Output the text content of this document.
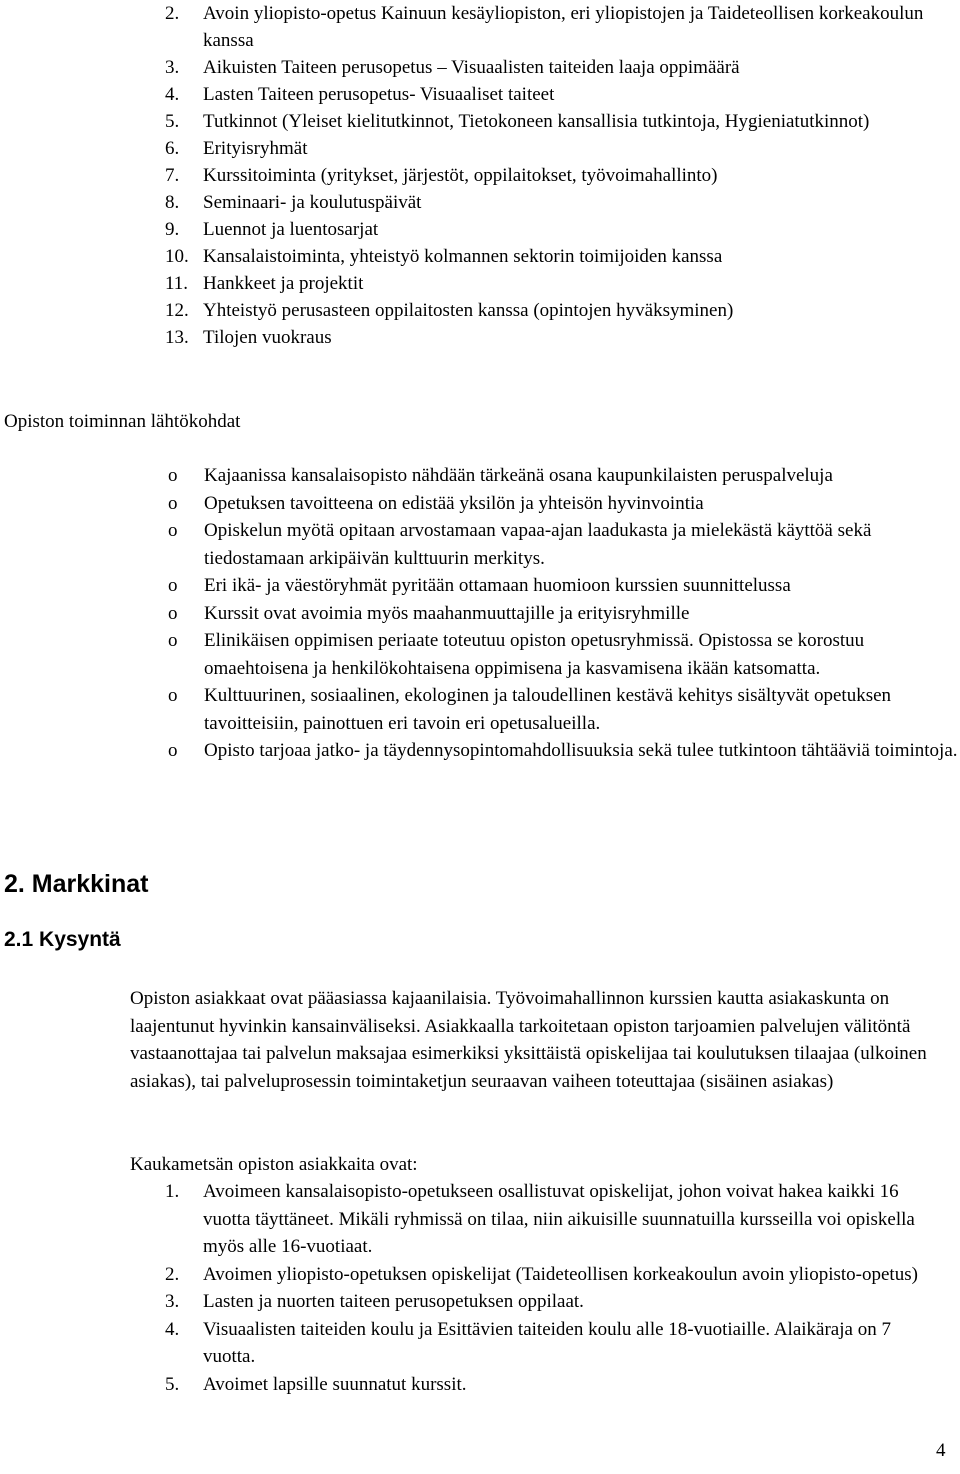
2.	Avoin yliopisto-opetus Kainuun kesäyliopiston, eri yliopistojen ja Taideteollisen korkeakoulun kanssa
3.	Aikuisten Taiteen perusopetus – Visuaalisten taiteiden laaja oppimäärä
4.	Lasten Taiteen perusopetus- Visuaaliset taiteet
5.	Tutkinnot (Yleiset kielitutkinnot, Tietokoneen kansallisia tutkintoja, Hygieniatutkinnot)
6.	Erityisryhmät
7.	Kurssitoiminta (yritykset, järjestöt, oppilaitokset, työvoimahallinto)
8.	Seminaari- ja koulutuspäivät
9.	Luennot ja luentosarjat
10. Kansalaistoiminta, yhteistyö kolmannen sektorin toimijoiden kanssa
11. Hankkeet ja projektit
12. Yhteistyö perusasteen oppilaitosten kanssa (opintojen hyväksyminen)
13. Tilojen vuokraus
Opiston toiminnan lähtökohdat
o	Kajaanissa kansalaisopisto nähdään tärkeänä osana kaupunkilaisten peruspalveluja
o	Opetuksen tavoitteena on edistää yksilön ja yhteisön hyvinvointia
o	Opiskelun myötä opitaan arvostamaan vapaa-ajan laadukasta ja mielekästä käyttöä sekä tiedostamaan arkipäivän kulttuurin merkitys.
o	Eri ikä- ja väestöryhmät pyritään ottamaan huomioon kurssien suunnittelussa
o	Kurssit ovat avoimia myös maahanmuuttajille ja erityisryhmille
o	Elinikäisen oppimisen periaate toteutuu opiston opetusryhmissä. Opistossa se korostuu omaehtoisena ja henkilökohtaisena oppimisena ja kasvamisena ikään katsomatta.
o	Kulttuurinen, sosiaalinen, ekologinen ja taloudellinen kestävä kehitys sisältyvät opetuksen tavoitteisiin, painottuen eri tavoin eri opetusalueilla.
o	Opisto tarjoaa jatko- ja täydennysopintomahdollisuuksia sekä tulee tutkintoon tähtääviä toimintoja.
2. Markkinat
2.1 Kysyntä
Opiston asiakkaat ovat pääasiassa kajaanilaisia. Työvoimahallinnon kurssien kautta asiakaskunta on laajentunut hyvinkin kansainväliseksi. Asiakkaalla tarkoitetaan opiston tarjoamien palvelujen välitöntä vastaanottajaa tai palvelun maksajaa esimerkiksi yksittäistä opiskelijaa tai koulutuksen tilaajaa (ulkoinen asiakas), tai palveluprosessin toimintaketjun seuraavan vaiheen toteuttajaa (sisäinen asiakas)
Kaukametsän opiston asiakkaita ovat:
1.	Avoimeen kansalaisopisto-opetukseen osallistuvat opiskelijat, johon voivat hakea kaikki 16 vuotta täyttäneet. Mikäli ryhmissä on tilaa, niin aikuisille suunnatuilla kursseilla voi opiskella myös alle 16-vuotiaat.
2.	Avoimen yliopisto-opetuksen opiskelijat (Taideteollisen korkeakoulun avoin yliopisto-opetus)
3.	Lasten ja nuorten taiteen perusopetuksen oppilaat.
4.	Visuaalisten taiteiden koulu ja Esittävien taiteiden koulu alle 18-vuotiaille. Alaikäraja on 7 vuotta.
5.	Avoimet lapsille suunnatut kurssit.
4
